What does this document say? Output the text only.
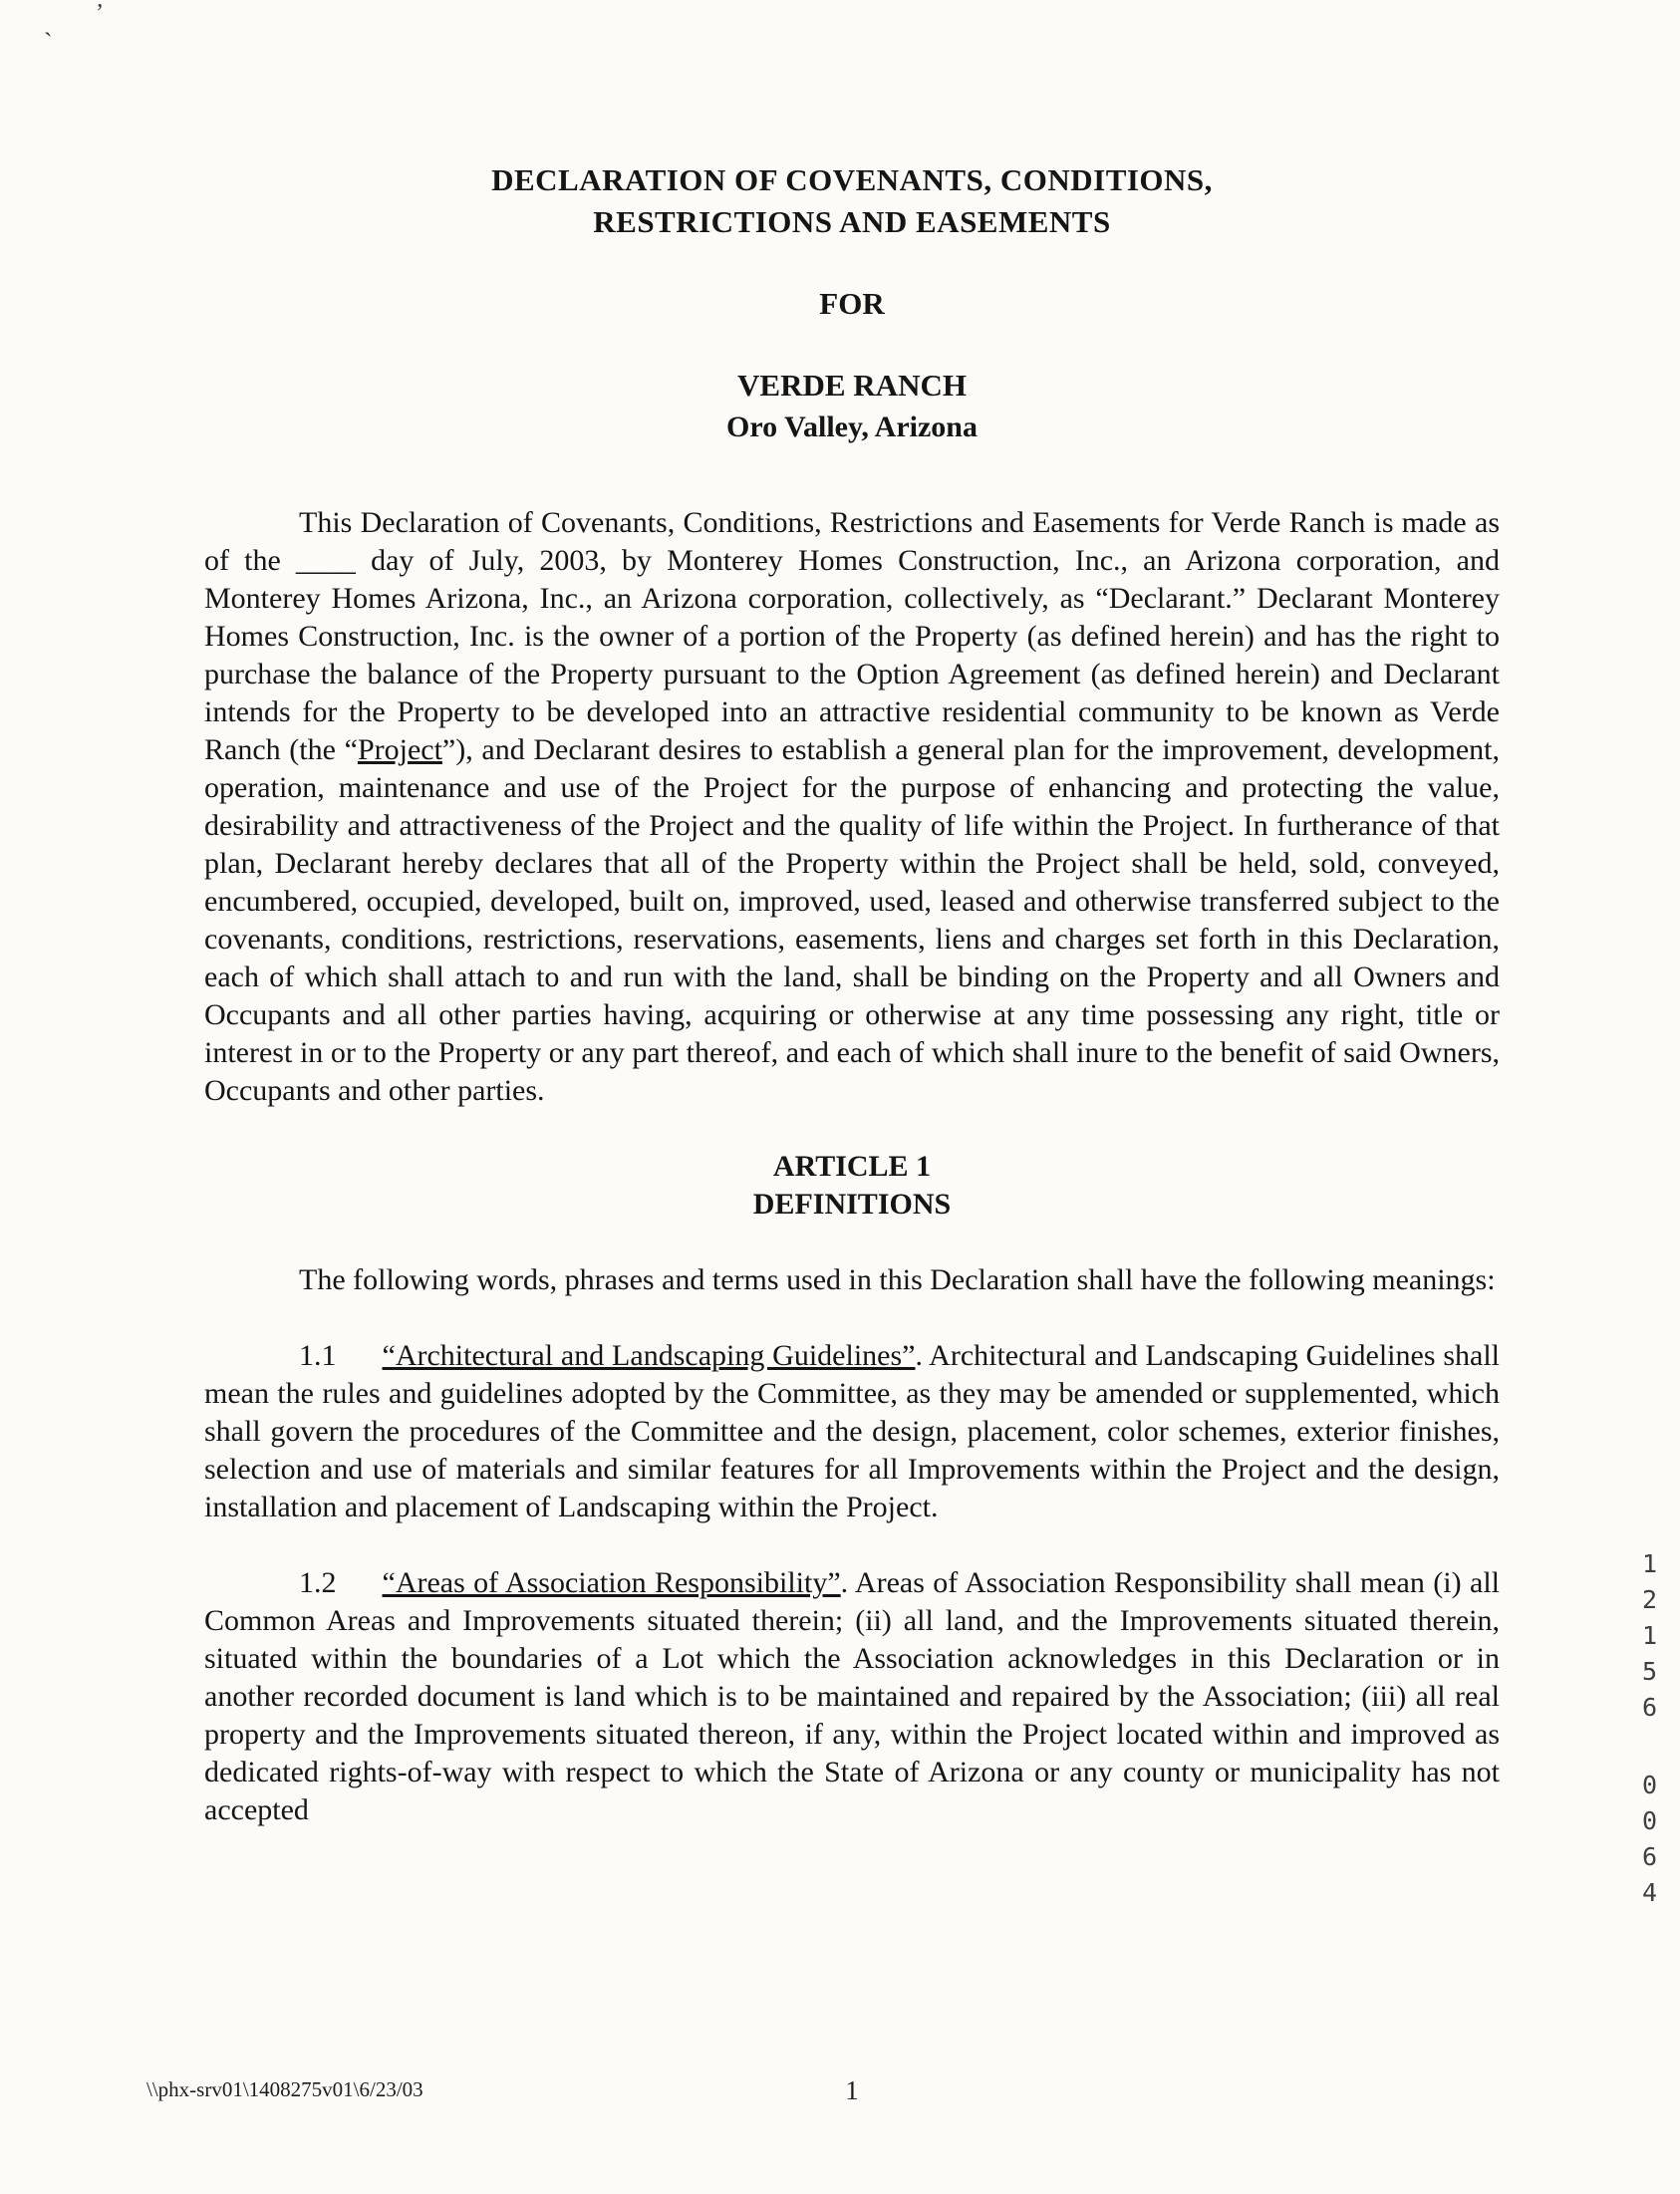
’
`
DECLARATION OF COVENANTS, CONDITIONS,
RESTRICTIONS AND EASEMENTS
FOR
VERDE RANCH
Oro Valley, Arizona

This Declaration of Covenants, Conditions, Restrictions and Easements for Verde Ranch is made as of the ____ day of July, 2003, by Monterey Homes Construction, Inc., an Arizona corporation, and Monterey Homes Arizona, Inc., an Arizona corporation, collectively, as “Declarant.” Declarant Monterey Homes Construction, Inc. is the owner of a portion of the Property (as defined herein) and has the right to purchase the balance of the Property pursuant to the Option Agreement (as defined herein) and Declarant intends for the Property to be developed into an attractive residential community to be known as Verde Ranch (the “Project”), and Declarant desires to establish a general plan for the improvement, development, operation, maintenance and use of the Project for the purpose of enhancing and protecting the value, desirability and attractiveness of the Project and the quality of life within the Project. In furtherance of that plan, Declarant hereby declares that all of the Property within the Project shall be held, sold, conveyed, encumbered, occupied, developed, built on, improved, used, leased and otherwise transferred subject to the covenants, conditions, restrictions, reservations, easements, liens and charges set forth in this Declaration, each of which shall attach to and run with the land, shall be binding on the Property and all Owners and Occupants and all other parties having, acquiring or otherwise at any time possessing any right, title or interest in or to the Property or any part thereof, and each of which shall inure to the benefit of said Owners, Occupants and other parties.

ARTICLE 1
DEFINITIONS

The following words, phrases and terms used in this Declaration shall have the following meanings:

1.1 “Architectural and Landscaping Guidelines”. Architectural and Landscaping Guidelines shall mean the rules and guidelines adopted by the Committee, as they may be amended or supplemented, which shall govern the procedures of the Committee and the design, placement, color schemes, exterior finishes, selection and use of materials and similar features for all Improvements within the Project and the design, installation and placement of Landscaping within the Project.

1.2 “Areas of Association Responsibility”. Areas of Association Responsibility shall mean (i) all Common Areas and Improvements situated therein; (ii) all land, and the Improvements situated therein, situated within the boundaries of a Lot which the Association acknowledges in this Declaration or in another recorded document is land which is to be maintained and repaired by the Association; (iii) all real property and the Improvements situated thereon, if any, within the Project located within and improved as dedicated rights-of-way with respect to which the State of Arizona or any county or municipality has not accepted

12156
0064
\\phx-srv01\1408275v01\6/23/03	1
